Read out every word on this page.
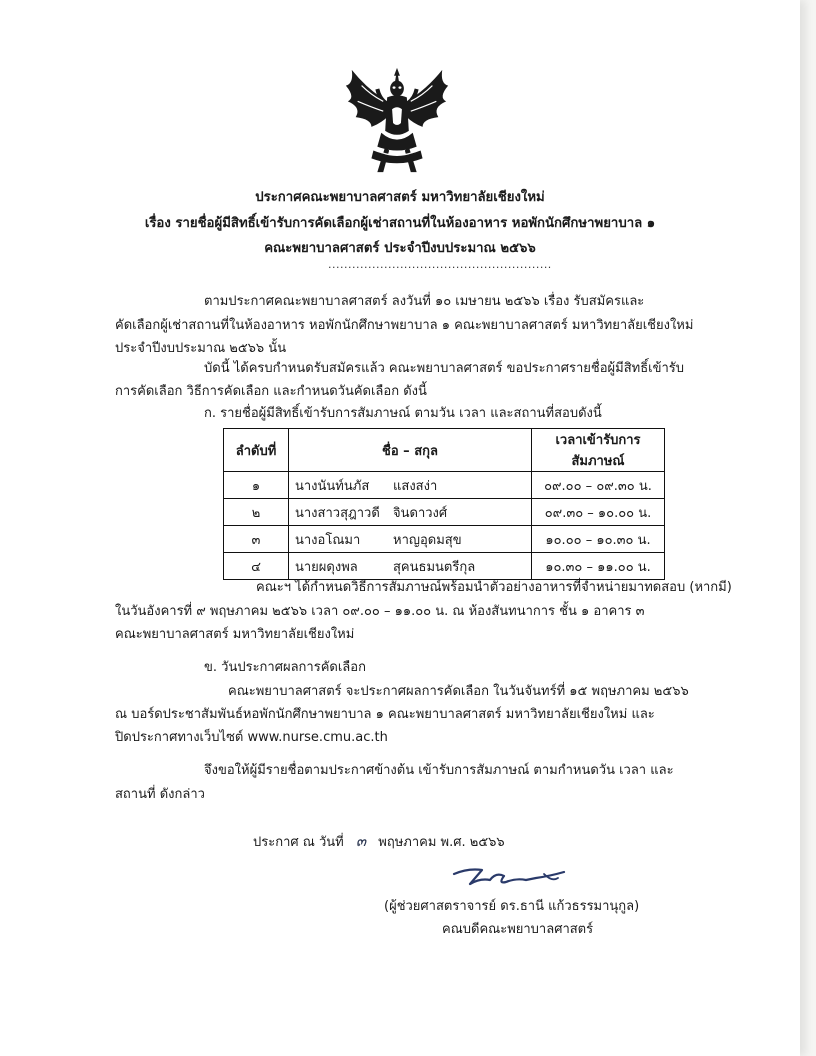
ประกาศคณะพยาบาลศาสตร์ มหาวิทยาลัยเชียงใหม่
เรื่อง รายชื่อผู้มีสิทธิ์เข้ารับการคัดเลือกผู้เช่าสถานที่ในห้องอาหาร หอพักนักศึกษาพยาบาล ๑
คณะพยาบาลศาสตร์ ประจำปีงบประมาณ ๒๕๖๖
........................................................
ตามประกาศคณะพยาบาลศาสตร์ ลงวันที่ ๑๐ เมษายน ๒๕๖๖ เรื่อง รับสมัครและ
คัดเลือกผู้เช่าสถานที่ในห้องอาหาร หอพักนักศึกษาพยาบาล ๑ คณะพยาบาลศาสตร์ มหาวิทยาลัยเชียงใหม่
ประจำปีงบประมาณ ๒๕๖๖ นั้น
บัดนี้ ได้ครบกำหนดรับสมัครแล้ว คณะพยาบาลศาสตร์ ขอประกาศรายชื่อผู้มีสิทธิ์เข้ารับ
การคัดเลือก วิธีการคัดเลือก และกำหนดวันคัดเลือก ดังนี้
ก. รายชื่อผู้มีสิทธิ์เข้ารับการสัมภาษณ์ ตามวัน เวลา และสถานที่สอบดังนี้
ลำดับที่	ชื่อ – สกุล	เวลาเข้ารับการสัมภาษณ์
๑	นางนันท์นภัส แสงสง่า	๐๙.๐๐ – ๐๙.๓๐ น.
๒	นางสาวสุฎาวดี จินดาวงศ์	๐๙.๓๐ – ๑๐.๐๐ น.
๓	นางอโณมา หาญอุดมสุข	๑๐.๐๐ – ๑๐.๓๐ น.
๔	นายผดุงพล สุคนธมนตรีกุล	๑๐.๓๐ – ๑๑.๐๐ น.
คณะฯ ได้กำหนดวิธีการสัมภาษณ์พร้อมนำตัวอย่างอาหารที่จำหน่ายมาทดสอบ (หากมี)
ในวันอังคารที่ ๙ พฤษภาคม ๒๕๖๖ เวลา ๐๙.๐๐ – ๑๑.๐๐ น. ณ ห้องสันทนาการ ชั้น ๑ อาคาร ๓
คณะพยาบาลศาสตร์ มหาวิทยาลัยเชียงใหม่
ข. วันประกาศผลการคัดเลือก
คณะพยาบาลศาสตร์ จะประกาศผลการคัดเลือก ในวันจันทร์ที่ ๑๕ พฤษภาคม ๒๕๖๖
ณ บอร์ดประชาสัมพันธ์หอพักนักศึกษาพยาบาล ๑ คณะพยาบาลศาสตร์ มหาวิทยาลัยเชียงใหม่ และ
ปิดประกาศทางเว็บไซต์ www.nurse.cmu.ac.th
จึงขอให้ผู้มีรายชื่อตามประกาศข้างต้น เข้ารับการสัมภาษณ์ ตามกำหนดวัน เวลา และ
สถานที่ ดังกล่าว
ประกาศ ณ วันที่ ๓ พฤษภาคม พ.ศ. ๒๕๖๖
(ผู้ช่วยศาสตราจารย์ ดร.ธานี แก้วธรรมานุกูล)
คณบดีคณะพยาบาลศาสตร์
